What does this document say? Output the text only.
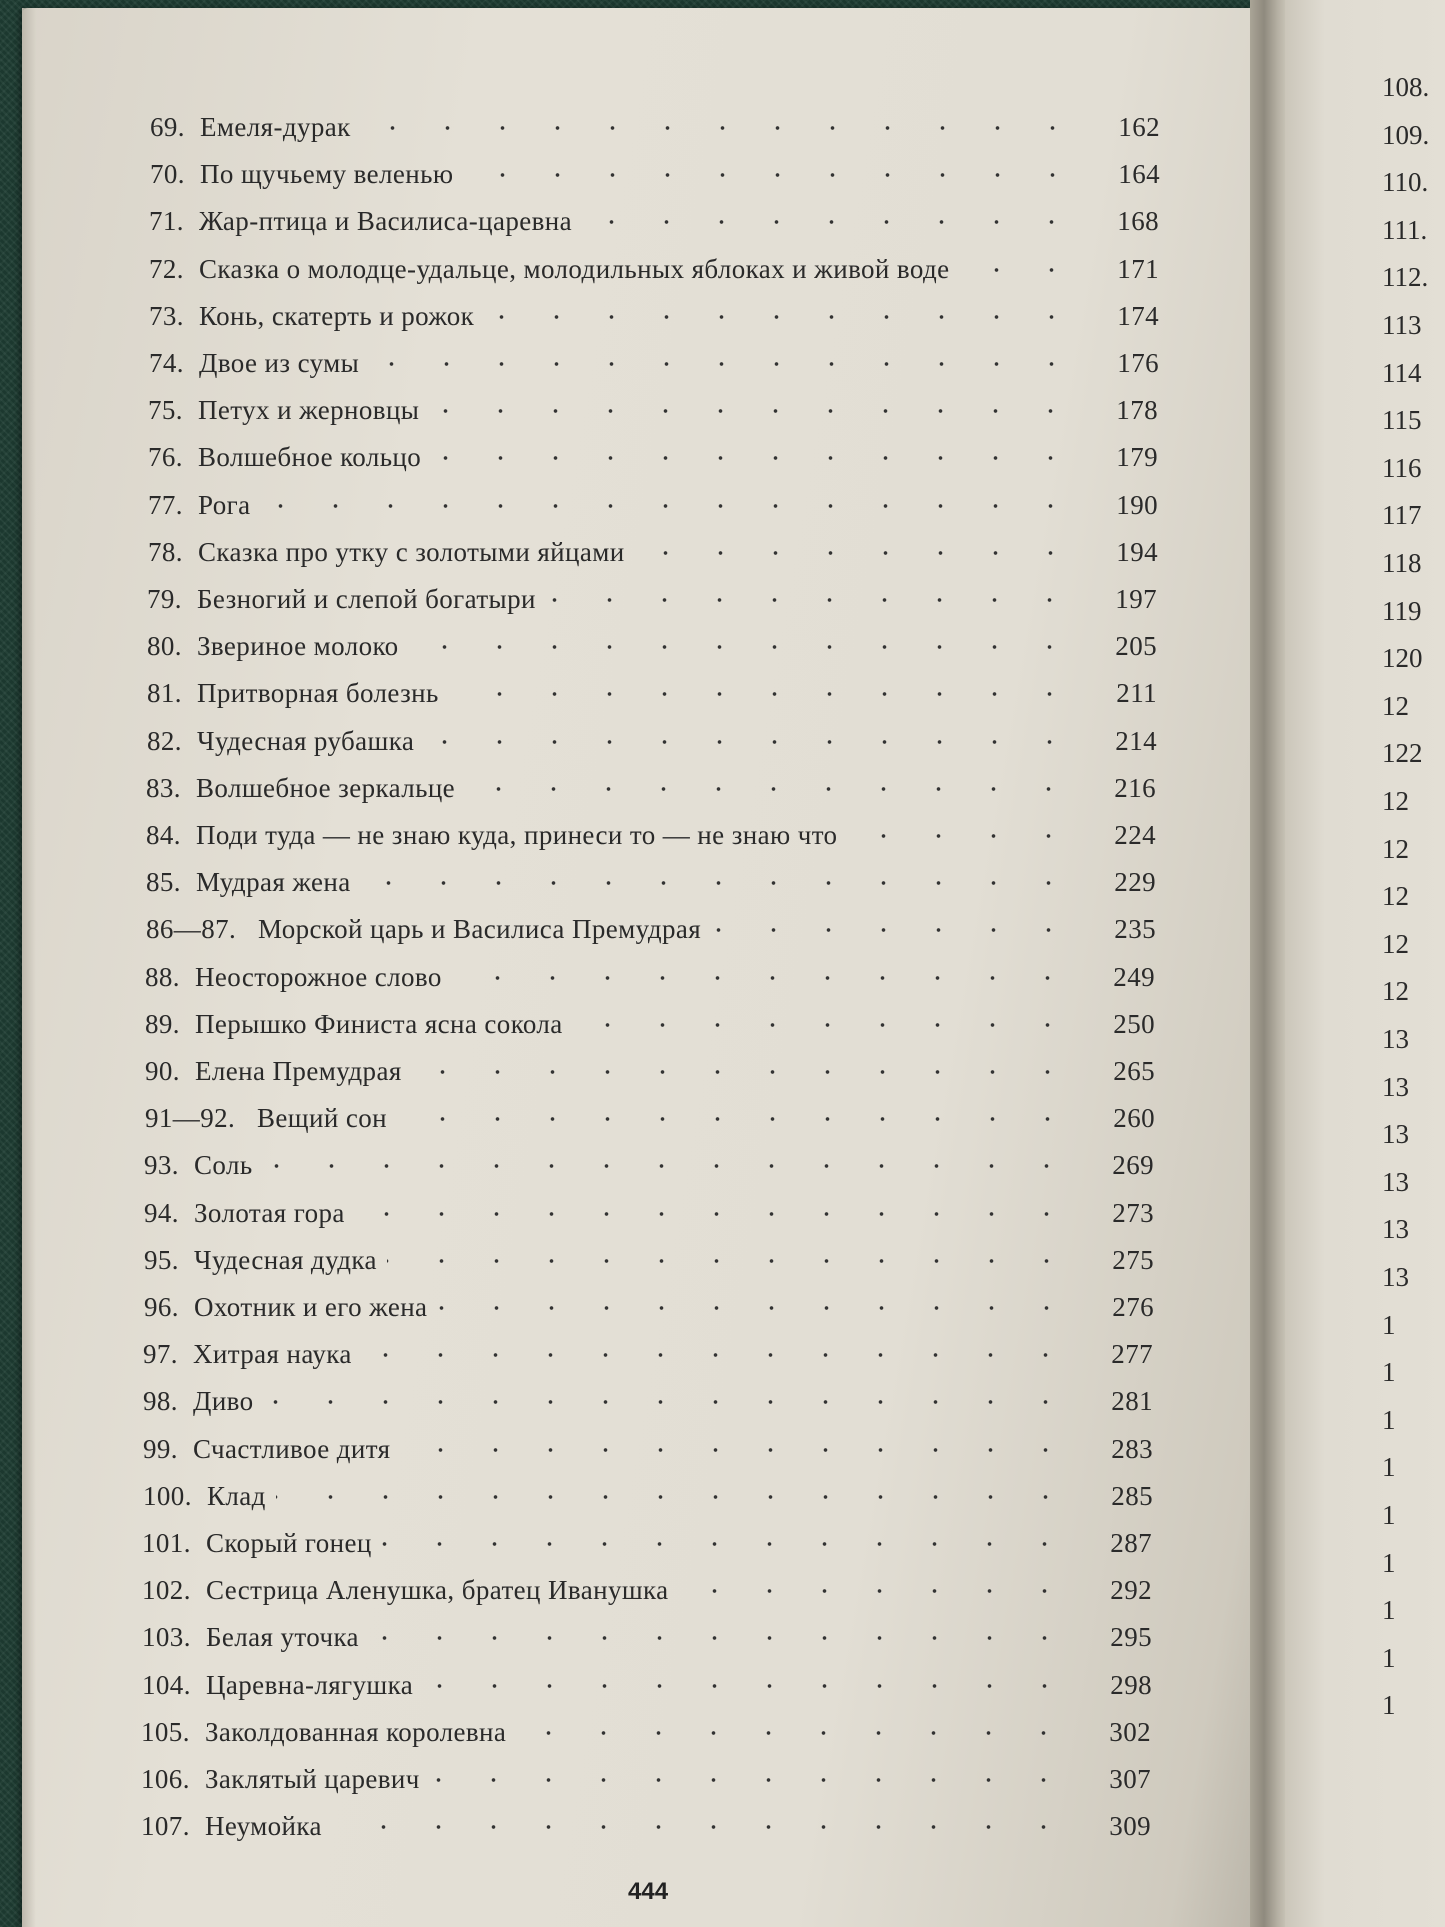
108.
109.
110.
111.
112.
113
114
115
116
117
118
119
120
12
122
12
12
12
12
12
13
13
13
13
13
13
1
1
1
1
1
1
1
1
1
69. Емеля-дурак	162
70. По щучьему веленью	164
71. Жар-птица и Василиса-царевна	168
72. Сказка о молодце-удальце, молодильных яблоках и живой воде	171
73. Конь, скатерть и рожок	174
74. Двое из сумы	176
75. Петух и жерновцы	178
76. Волшебное кольцо	179
77. Рога	190
78. Сказка про утку с золотыми яйцами	194
79. Безногий и слепой богатыри	197
80. Звериное молоко	205
81. Притворная болезнь	211
82. Чудесная рубашка	214
83. Волшебное зеркальце	216
84. Поди туда — не знаю куда, принеси то — не знаю что	224
85. Мудрая жена	229
86—87. Морской царь и Василиса Премудрая	235
88. Неосторожное слово	249
89. Перышко Финиста ясна сокола	250
90. Елена Премудрая	265
91—92. Вещий сон	260
93. Соль	269
94. Золотая гора	273
95. Чудесная дудка	275
96. Охотник и его жена	276
97. Хитрая наука	277
98. Диво	281
99. Счастливое дитя	283
100. Клад	285
101. Скорый гонец	287
102. Сестрица Аленушка, братец Иванушка	292
103. Белая уточка	295
104. Царевна-лягушка	298
105. Заколдованная королевна	302
106. Заклятый царевич	307
107. Неумойка	309
444
